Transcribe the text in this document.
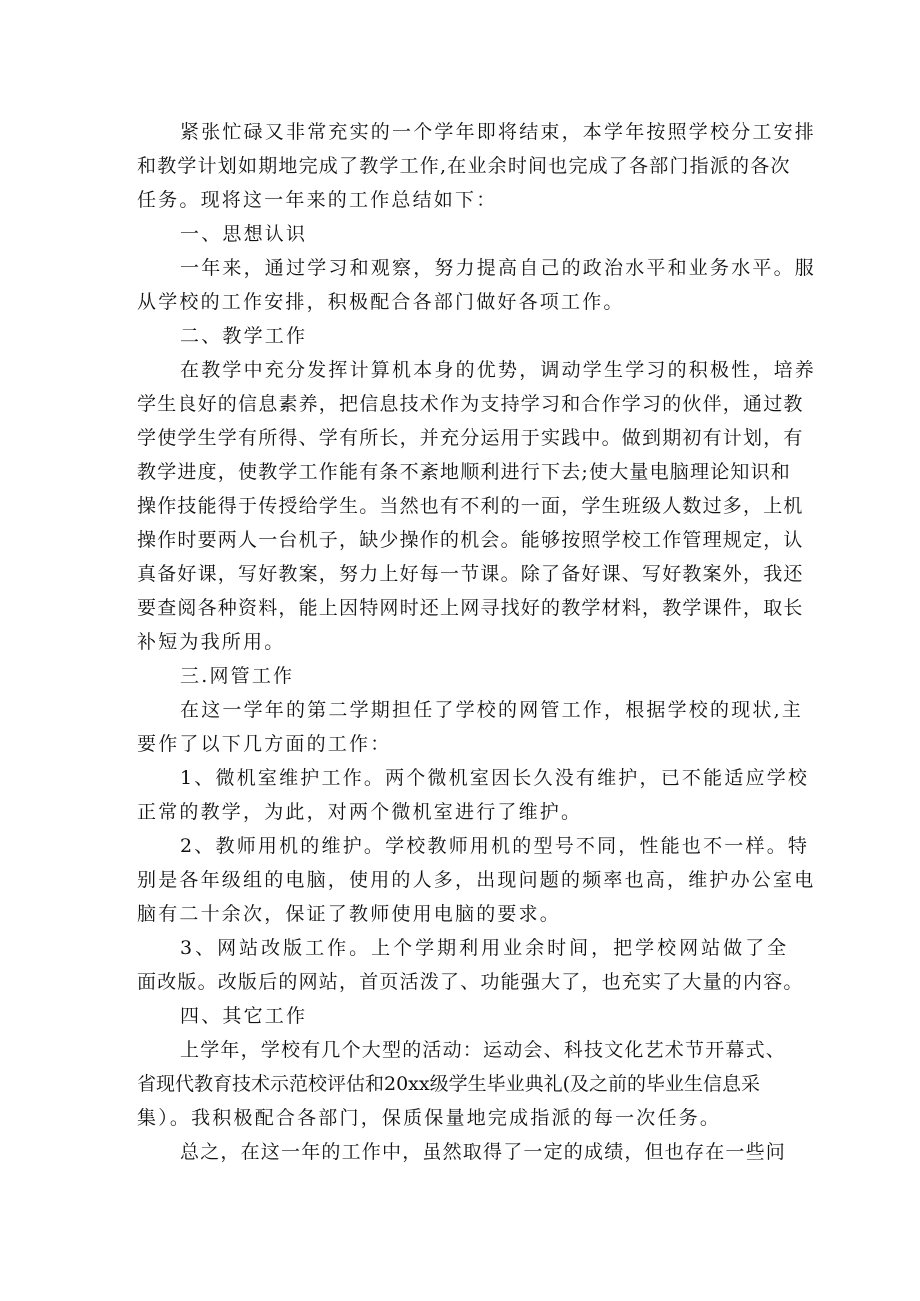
紧张忙碌又非常充实的一个学年即将结束，本学年按照学校分工安排
和教学计划如期地完成了教学工作,在业余时间也完成了各部门指派的各次
任务。现将这一年来的工作总结如下：
一、思想认识
一年来，通过学习和观察，努力提高自己的政治水平和业务水平。服
从学校的工作安排，积极配合各部门做好各项工作。
二、教学工作
在教学中充分发挥计算机本身的优势，调动学生学习的积极性，培养
学生良好的信息素养，把信息技术作为支持学习和合作学习的伙伴，通过教
学使学生学有所得、学有所长，并充分运用于实践中。做到期初有计划，有
教学进度，使教学工作能有条不紊地顺利进行下去;使大量电脑理论知识和
操作技能得于传授给学生。当然也有不利的一面，学生班级人数过多，上机
操作时要两人一台机子，缺少操作的机会。能够按照学校工作管理规定，认
真备好课，写好教案，努力上好每一节课。除了备好课、写好教案外，我还
要查阅各种资料，能上因特网时还上网寻找好的教学材料，教学课件，取长
补短为我所用。
三.网管工作
在这一学年的第二学期担任了学校的网管工作，根据学校的现状,主
要作了以下几方面的工作：
1、微机室维护工作。两个微机室因长久没有维护，已不能适应学校
正常的教学，为此，对两个微机室进行了维护。
2、教师用机的维护。学校教师用机的型号不同，性能也不一样。特
别是各年级组的电脑，使用的人多，出现问题的频率也高，维护办公室电
脑有二十余次，保证了教师使用电脑的要求。
3、网站改版工作。上个学期利用业余时间，把学校网站做了全
面改版。改版后的网站，首页活泼了、功能强大了，也充实了大量的内容。
四、其它工作
上学年，学校有几个大型的活动：运动会、科技文化艺术节开幕式、
省现代教育技术示范校评估和20xx级学生毕业典礼(及之前的毕业生信息采
集）。我积极配合各部门，保质保量地完成指派的每一次任务。
总之，在这一年的工作中，虽然取得了一定的成绩，但也存在一些问
